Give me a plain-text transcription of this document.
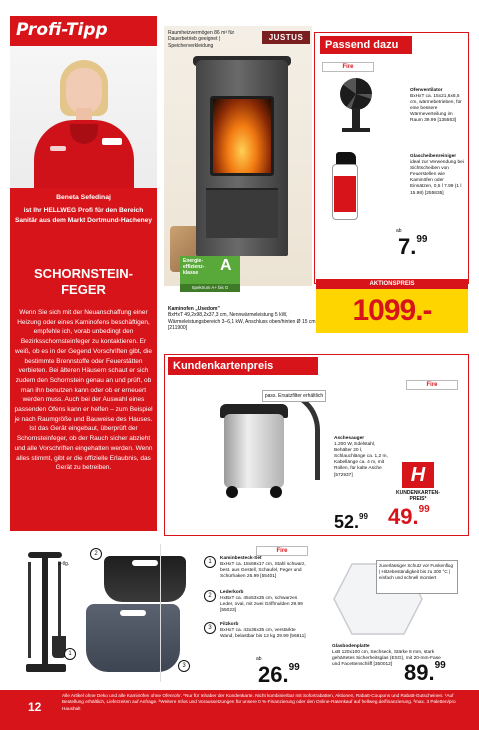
Profi-Tipp
Beneta Sefedinaj
ist Ihr HELLWEG Profi für den Bereich Sanitär aus dem Markt Dortmund-Hacheney
SCHORNSTEIN-FEGER
Wenn Sie sich mit der Neuanschaffung einer Heizung oder eines Kaminofens beschäftigen, empfehle ich, vorab unbedingt den Bezirksschornsteinfeger zu kontaktieren. Er weiß, ob es in der Gegend Vorschriften gibt, die bestimmte Brennstoffe oder Feuerstätten verbieten. Bei älteren Häusern schaut er sich zudem den Schornstein genau an und prüft, ob man ihn benutzen kann oder ob er erneuert werden muss. Auch bei der Auswahl eines passenden Ofens kann er helfen – zum Beispiel je nach Raumgröße und Bauweise des Hauses. Ist das Gerät eingebaut, überprüft der Schornsteinfeger, ob der Rauch sicher abzieht und alle Vorschriften eingehalten werden. Wenn alles stimmt, gibt er die offizielle Erlaubnis, das Gerät zu betreiben.
Raumheizvermögen 86 m³ für Dauerbetrieb geeignet | Speicherverkleidung
JUSTUS
Energie-effizienz-klasse	A
Spektrum A+ bis G
Passend dazu
Fire
Ofenventilator
BxHxT ca. 15x21,6x8,5 cm, wärmebetrieben, für eine bessere Wärmeverteilung im Raum 39.99 [135563]
Glascheibenreiniger
ideal zur Verwendung bei Sichtscheiben von Feuerstellen wie Kaminöfen oder Einsätzen, 0,5 l 7.99 (1 l 15.98) [255835]
ab
7.99
AKTIONSPREIS
1099.-
Kaminofen „Usedom"
BxHxT 49,2x98,2x37,3 cm, Nennwärmeleistung 5 kW, Wärmeleistungsbereich 3–6,1 kW, Anschluss oben/hinten Ø 15 cm [211900]
Kundenkartenpreis
Fire
pass. Ersatzfilter erhältlich
Aschesauger
1.200 W, Edelstahl, Behälter 20 l, Schlauchlänge ca. 1,2 m, Kabellänge ca. 4 m, mit Rollen, für kalte Asche [572937]
52.99
H
KUNDENKARTEN-PREIS*
49.99
3-tlg.
2
1
3
Fire
1
Kaminbesteck-Set
BxHxT ca. 18x68x17 cm, Stahl schwarz, best. aus Gestell, Schaufel, Feger und Schürhaken 26.99 [55401]
2
Lederkorb
HxBxT ca. 45x53x35 cm, schwarzes Leder, oval, mit zwei Griffmulden 29.99 [55023]
3
Filzkorb
BxHxT ca. 43x36x35 cm, verstärkte Wand, belastbar bis 12 kg 29.99 [56811]
ab
26.99
zuverlässiger Schutz vor Funkenflug | Hitzebeständigkeit bis zu 300 °C | einfach und schnell montiert
Glasbodenplatte
LxB 120x100 cm, Sechseck, Stärke 8 mm, stark gehärtetes Sicherheitsglas (ESG), mit 20-mm-Fase und Facettenschliff [350012] 89.99
12
Alle Artikel ohne Deko und alle Kaminöfen ohne Ofenrohr. *Nur für Inhaber der Kundenkarte. Nicht kombinierbar mit Sofortrabatten, Aktionen, Rabatt-Coupons und Rabatt-Gutscheinen. ¹Auf Bestellung erhältlich, Lieferzeiten auf Anfrage. ²Weitere Infos und Voraussetzungen für unsere 0 %-Finanzierung oder den Online-Ratenkauf auf hellweg.de/finanzierung. ³max. 3 Paletten/pro Haushalt
